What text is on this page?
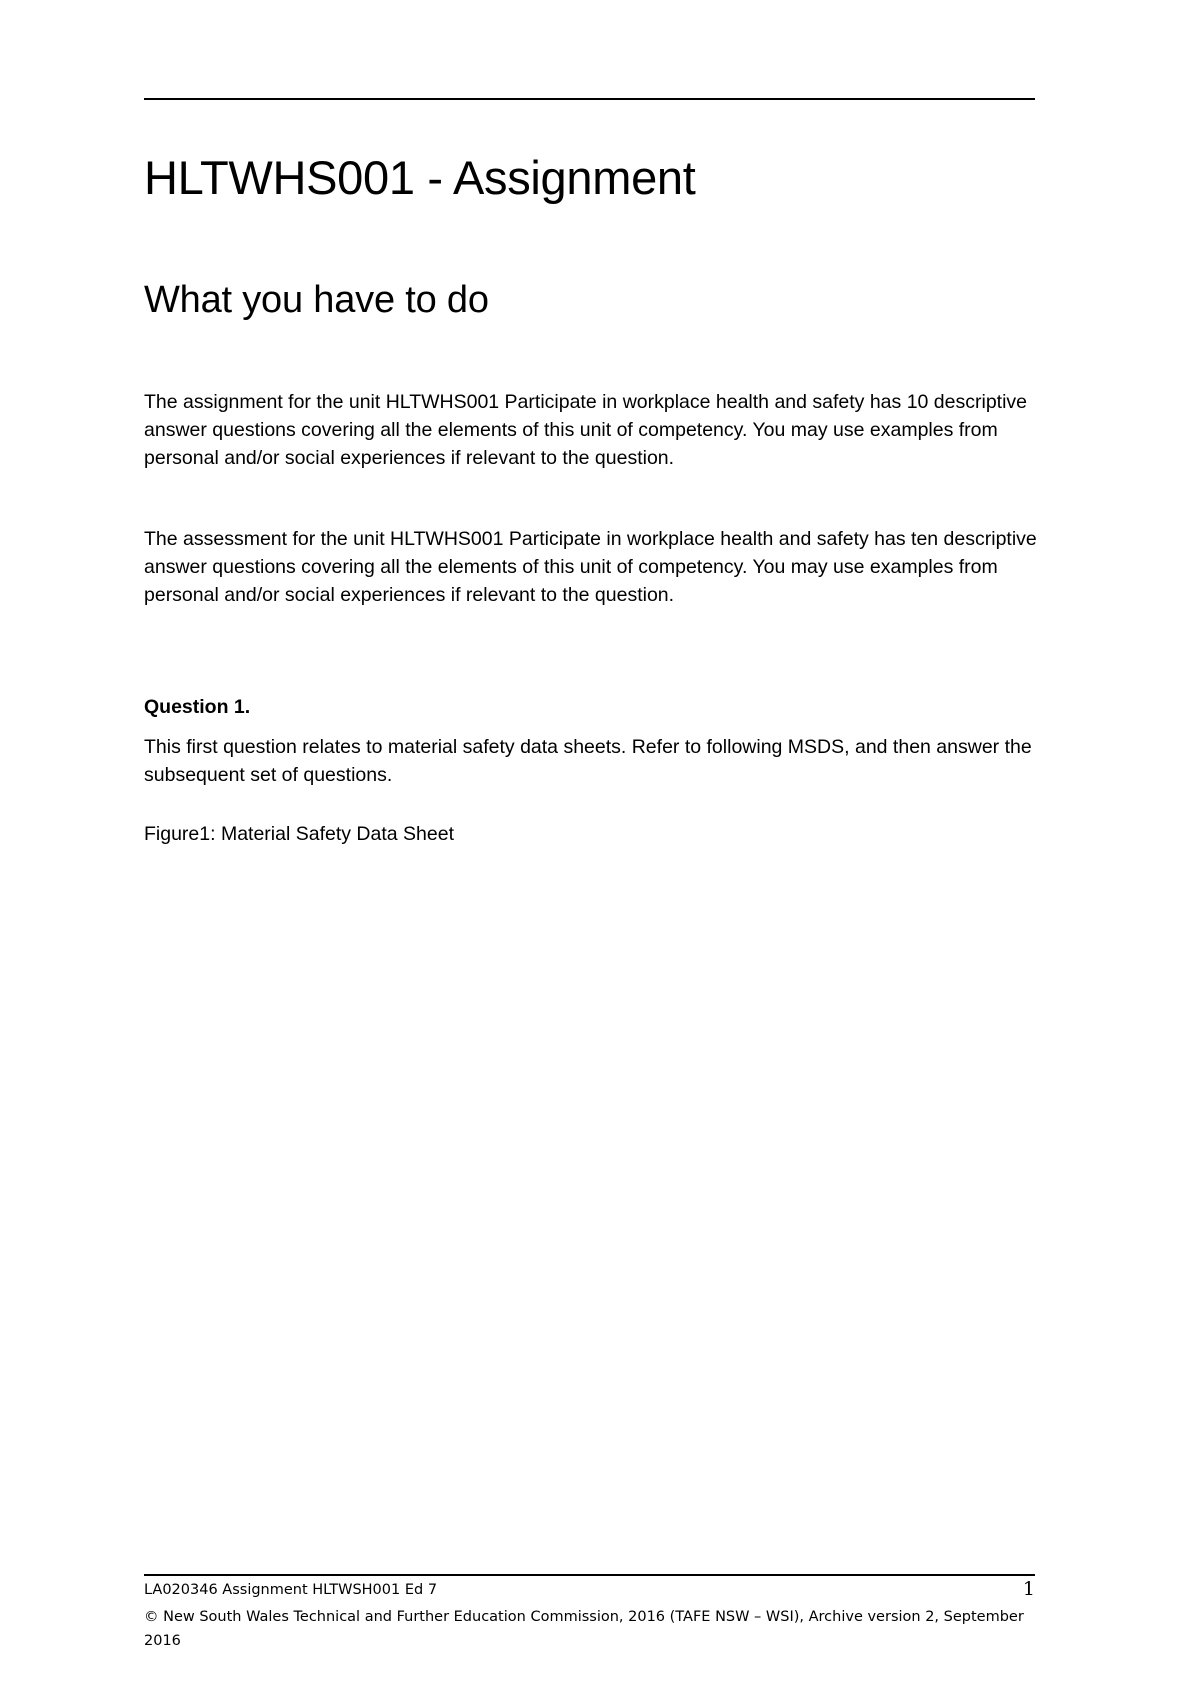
HLTWHS001 - Assignment
What you have to do

The assignment for the unit HLTWHS001 Participate in workplace health and safety has 10 descriptive answer questions covering all the elements of this unit of competency. You may use examples from personal and/or social experiences if relevant to the question.

The assessment for the unit HLTWHS001 Participate in workplace health and safety has ten descriptive answer questions covering all the elements of this unit of competency. You may use examples from personal and/or social experiences if relevant to the question.

Question 1.

This first question relates to material safety data sheets. Refer to following MSDS, and then answer the subsequent set of questions.

Figure1: Material Safety Data Sheet

LA020346 Assignment HLTWSH001 Ed 7	1

© New South Wales Technical and Further Education Commission, 2016 (TAFE NSW – WSI), Archive version 2, September 2016
